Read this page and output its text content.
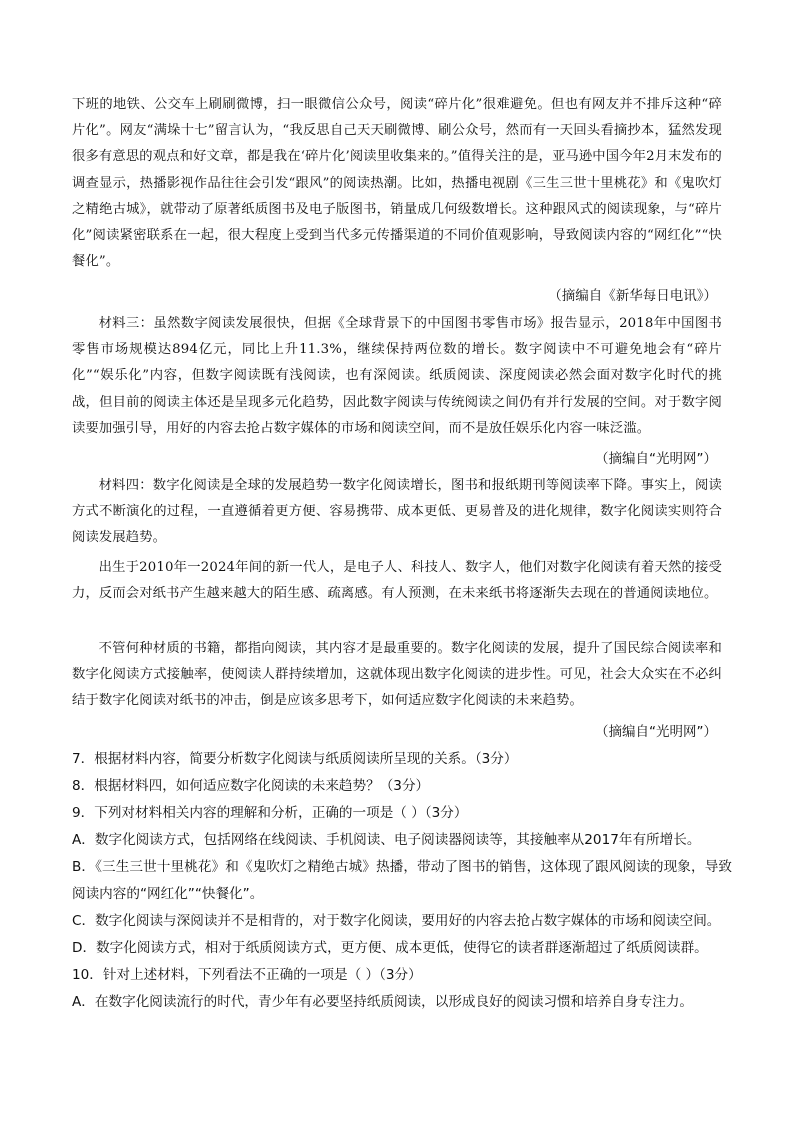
下班的地铁、公交车上刷刷微博，扫一眼微信公众号，阅读“碎片化”很难避免。但也有网友并不排斥这种“碎片化”。网友“满垛十七”留言认为，“我反思自己天天刷微博、刷公众号，然而有一天回头看摘抄本，猛然发现很多有意思的观点和好文章，都是我在‘碎片化’阅读里收集来的。”值得关注的是，亚马逊中国今年2月末发布的调查显示，热播影视作品往往会引发“跟风”的阅读热潮。比如，热播电视剧《三生三世十里桃花》和《鬼吹灯之精绝古城》，就带动了原著纸质图书及电子版图书，销量成几何级数增长。这种跟风式的阅读现象，与“碎片化”阅读紧密联系在一起，很大程度上受到当代多元传播渠道的不同价值观影响，导致阅读内容的“网红化”“快餐化”。

（摘编自《新华每日电讯》）

材料三：虽然数字阅读发展很快，但据《全球背景下的中国图书零售市场》报告显示，2018年中国图书零售市场规模达894亿元，同比上升11.3%，继续保持两位数的增长。数字阅读中不可避免地会有“碎片化”“娱乐化”内容，但数字阅读既有浅阅读，也有深阅读。纸质阅读、深度阅读必然会面对数字化时代的挑战，但目前的阅读主体还是呈现多元化趋势，因此数字阅读与传统阅读之间仍有并行发展的空间。对于数字阅读要加强引导，用好的内容去抢占数字媒体的市场和阅读空间，而不是放任娱乐化内容一味泛滥。

（摘编自“光明网”）

材料四：数字化阅读是全球的发展趋势一数字化阅读增长，图书和报纸期刊等阅读率下降。事实上，阅读方式不断演化的过程，一直遵循着更方便、容易携带、成本更低、更易普及的进化规律，数字化阅读实则符合阅读发展趋势。

出生于2010年一2024年间的新一代人，是电子人、科技人、数字人，他们对数字化阅读有着天然的接受力，反而会对纸书产生越来越大的陌生感、疏离感。有人预测，在未来纸书将逐渐失去现在的普通阅读地位。

不管何种材质的书籍，都指向阅读，其内容才是最重要的。数字化阅读的发展，提升了国民综合阅读率和数字化阅读方式接触率，使阅读人群持续增加，这就体现出数字化阅读的进步性。可见，社会大众实在不必纠结于数字化阅读对纸书的冲击，倒是应该多思考下，如何适应数字化阅读的未来趋势。

（摘编自“光明网”）

7．根据材料内容，简要分析数字化阅读与纸质阅读所呈现的关系。（3分）

8．根据材料四，如何适应数字化阅读的未来趋势？（3分）

9．下列对材料相关内容的理解和分析，正确的一项是（ ）（3分）

A．数字化阅读方式，包括网络在线阅读、手机阅读、电子阅读器阅读等，其接触率从2017年有所增长。

B．《三生三世十里桃花》和《鬼吹灯之精绝古城》热播，带动了图书的销售，这体现了跟风阅读的现象，导致阅读内容的“网红化”“快餐化”。

C．数字化阅读与深阅读并不是相背的，对于数字化阅读，要用好的内容去抢占数字媒体的市场和阅读空间。

D．数字化阅读方式，相对于纸质阅读方式，更方便、成本更低，使得它的读者群逐渐超过了纸质阅读群。

10．针对上述材料，下列看法不正确的一项是（ ）（3分）

A．在数字化阅读流行的时代，青少年有必要坚持纸质阅读，以形成良好的阅读习惯和培养自身专注力。
